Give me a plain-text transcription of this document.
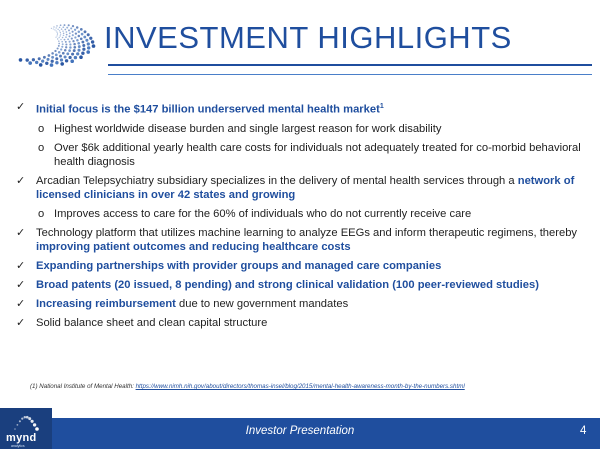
INVESTMENT HIGHLIGHTS
✓ Initial focus is the $147 billion underserved mental health market$^1$
o Highest worldwide disease burden and single largest reason for work disability
o Over $6k additional yearly health care costs for individuals not adequately treated for co-morbid behavioral health diagnosis
✓ Arcadian Telepsychiatry subsidiary specializes in the delivery of mental health services through a network of licensed clinicians in over 42 states and growing
o Improves access to care for the 60% of individuals who do not currently receive care
✓ Technology platform that utilizes machine learning to analyze EEGs and inform therapeutic regimens, thereby improving patient outcomes and reducing healthcare costs
✓ Expanding partnerships with provider groups and managed care companies
✓ Broad patents (20 issued, 8 pending) and strong clinical validation (100 peer-reviewed studies)
✓ Increasing reimbursement due to new government mandates
✓ Solid balance sheet and clean capital structure
(1) National Institute of Mental Health: https://www.nimh.nih.gov/about/directors/thomas-insel/blog/2015/mental-health-awareness-month-by-the-numbers.shtml
mynd
analytics
Investor Presentation	4
